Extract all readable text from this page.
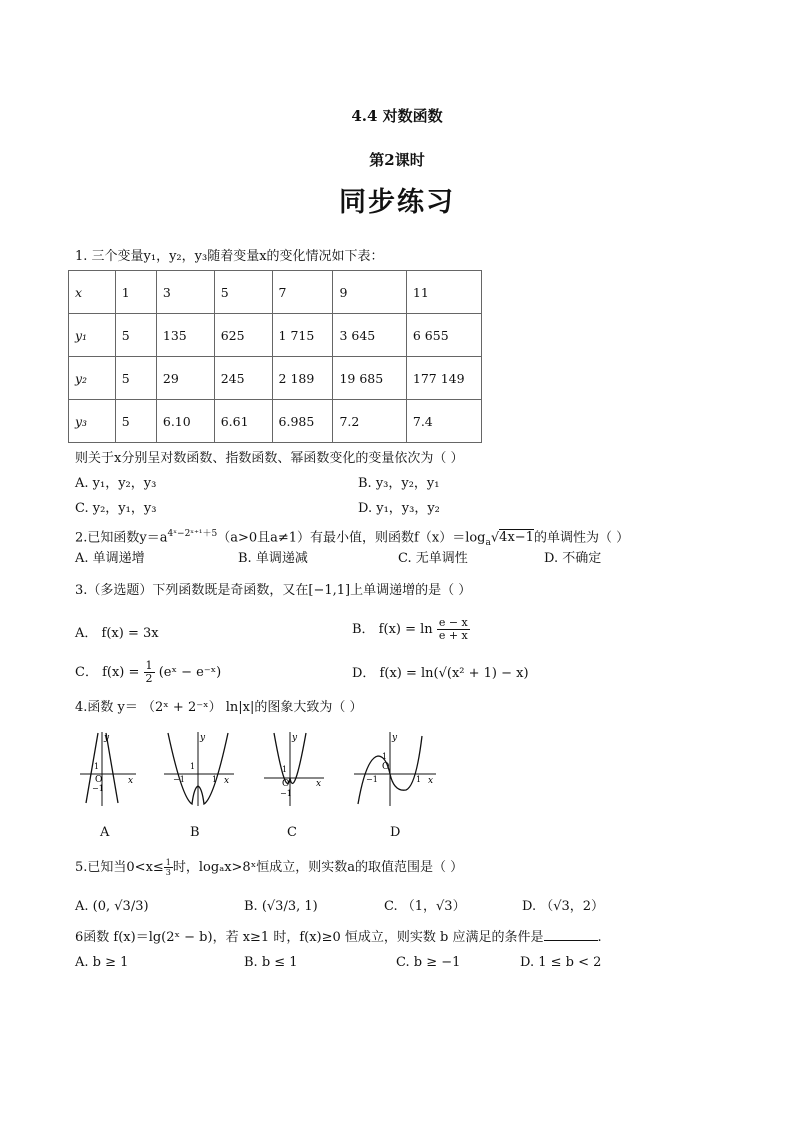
4.4 对数函数
第2课时
同步练习
1. 三个变量y₁，y₂，y₃随着变量x的变化情况如下表：
x	1	3	5	7	9	11
y₁	5	135	625	1 715	3 645	6 655
y₂	5	29	245	2 189	19 685	177 149
y₃	5	6.10	6.61	6.985	7.2	7.4
则关于x分别呈对数函数、指数函数、幂函数变化的变量依次为（ ）
A. y₁，y₂，y₃	B. y₃，y₂，y₁
C. y₂，y₁，y₃	D. y₁，y₃，y₂
2.已知函数$y=a^{4ˣ-2ˣ^{+1}+5}(a>0$且a≠1）有最小值，则函数$f(x)=\log_a√4x-1$的单调性为（ ）
A. 单调递增	B. 单调递减	C. 无单调性	D. 不确定
3.（多选题）下列函数既是奇函数，又在[−1,1]上单调递增的是（ ）
A． f(x) = 3x	B． $f(x) = \ln \frac{e - x}{e + x}$
C． $f(x) = \frac{1}{2}$ (eˣ − e⁻ˣ)	D． f(x) = ln(√(x² + 1) − x)
4.函数 y＝ （2ˣ + 2⁻ˣ） ln|x|的图象大致为（ ）
y
x
O
1
−1
A
y
x
1
−1	1
B
y
x
O
1
−1
C
y
x
O
1
−1	1
D
5.已知当$0<x\le \frac{1}{3}$ 时，logₐx>8ˣ恒成立，则实数a的取值范围是（ ）
A. (0, √3/3)	B. (√3/3, 1)	C. （1，√3）	D. （√3，2）
6函数 f(x)＝lg(2ˣ − b)，若 x≥1 时，f(x)≥0 恒成立，则实数 b 应满足的条件是	.
A. b ≥ 1	B. b ≤ 1	C. b ≥ −1	D. 1 ≤ b < 2
